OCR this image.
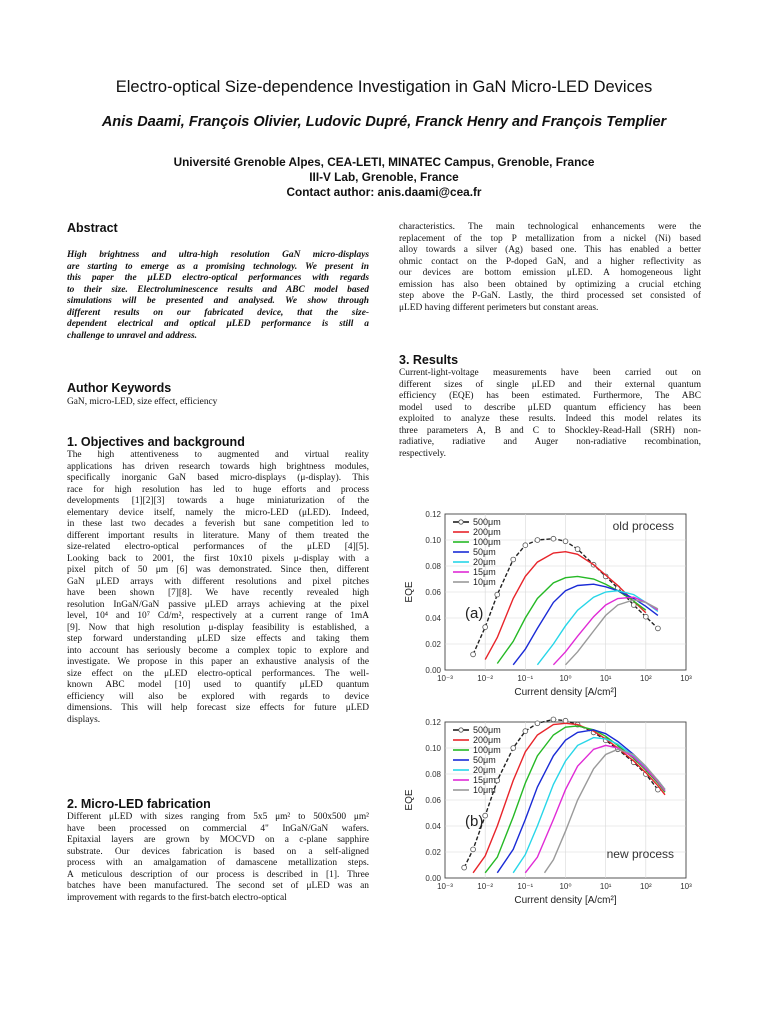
Electro-optical Size-dependence Investigation in GaN Micro-LED Devices
Anis Daami, François Olivier, Ludovic Dupré, Franck Henry and François Templier
Université Grenoble Alpes, CEA-LETI, MINATEC Campus, Grenoble, France
III-V Lab, Grenoble, France
Contact author: anis.daami@cea.fr
Abstract
High brightness and ultra-high resolution GaN micro-displays
are starting to emerge as a promising technology. We present in
this paper the μLED electro-optical performances with regards
to their size. Electroluminescence results and ABC model based
simulations will be presented and analysed. We show through
different results on our fabricated device, that the size-
dependent electrical and optical μLED performance is still a
challenge to unravel and address.
Author Keywords
GaN, micro-LED, size effect, efficiency
1. Objectives and background
The high attentiveness to augmented and virtual reality
applications has driven research towards high brightness modules,
specifically inorganic GaN based micro-displays (μ-display). This
race for high resolution has led to huge efforts and process
developments [1][2][3] towards a huge miniaturization of the
elementary device itself, namely the micro-LED (μLED). Indeed,
in these last two decades a feverish but sane competition led to
different important results in literature. Many of them treated the
size-related electro-optical performances of the μLED [4][5].
Looking back to 2001, the first 10x10 pixels μ-display with a
pixel pitch of 50 μm [6] was demonstrated. Since then, different
GaN μLED arrays with different resolutions and pixel pitches
have been shown [7][8]. We have recently revealed high
resolution InGaN/GaN passive μLED arrays achieving at the pixel
level, 10⁴ and 10⁷ Cd/m², respectively at a current range of 1mA
[9]. Now that high resolution μ-display feasibility is established, a
step forward understanding μLED size effects and taking them
into account has seriously become a complex topic to explore and
investigate. We propose in this paper an exhaustive analysis of the
size effect on the μLED electro-optical performances. The well-
known ABC model [10] used to quantify μLED quantum
efficiency will also be explored with regards to device
dimensions. This will help forecast size effects for future μLED
displays.
2. Micro-LED fabrication
Different μLED with sizes ranging from 5x5 μm² to 500x500 μm²
have been processed on commercial 4" InGaN/GaN wafers.
Epitaxial layers are grown by MOCVD on a c-plane sapphire
substrate. Our devices fabrication is based on a self-aligned
process with an amalgamation of damascene metallization steps.
A meticulous description of our process is described in [1]. Three
batches have been manufactured. The second set of μLED was an
improvement with regards to the first-batch electro-optical
characteristics. The main technological enhancements were the
replacement of the top P metallization from a nickel (Ni) based
alloy towards a silver (Ag) based one. This has enabled a better
ohmic contact on the P-doped GaN, and a higher reflectivity as
our devices are bottom emission μLED. A homogeneous light
emission has also been obtained by optimizing a crucial etching
step above the P-GaN. Lastly, the third processed set consisted of
μLED having different perimeters but constant areas.
3. Results
Current-light-voltage measurements have been carried out on
different sizes of single μLED and their external quantum
efficiency (EQE) has been estimated. Furthermore, The ABC
model used to describe μLED quantum efficiency has been
exploited to analyze these results. Indeed this model relates its
three parameters A, B and C to Shockley-Read-Hall (SRH) non-
radiative, radiative and Auger non-radiative recombination,
respectively.
0.00
0.02
0.04
0.06
0.08
0.10
0.12
10⁻³	10⁻²	10⁻¹	10⁰	10¹	10²	10³
Current density [A/cm²]
EQE
500μm
200μm
100μm
50μm
20μm
15μm
10μm
(a)
old process
0.00
0.02
0.04
0.06
0.08
0.10
0.12
10⁻³	10⁻²	10⁻¹	10⁰	10¹	10²	10³
Current density [A/cm²]
EQE
500μm
200μm
100μm
50μm
20μm
15μm
10μm
(b)
new process
